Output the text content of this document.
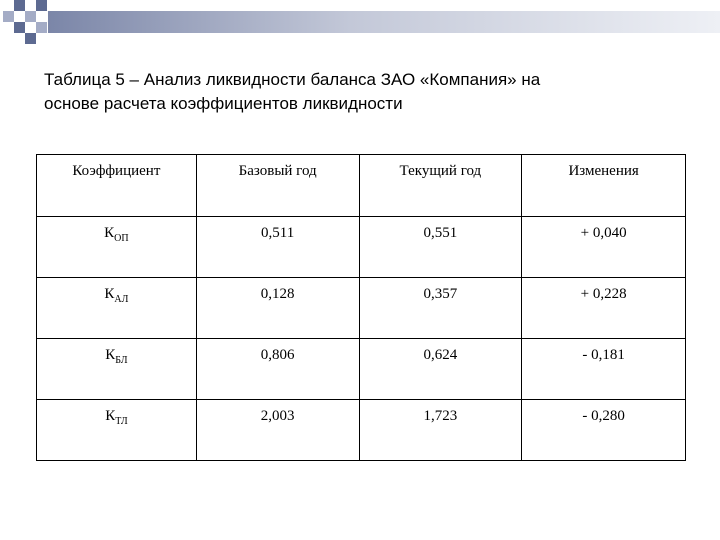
Таблица 5 – Анализ ликвидности баланса ЗАО «Компания» на
основе расчета коэффициентов ликвидности
Коэффициент	Базовый год	Текущий год	Изменения
$К_{ОП}$	0,511	0,551	+ 0,040
$К_{АЛ}$	0,128	0,357	+ 0,228
$К_{БЛ}$	0,806	0,624	- 0,181
$К_{ТЛ}$	2,003	1,723	- 0,280
